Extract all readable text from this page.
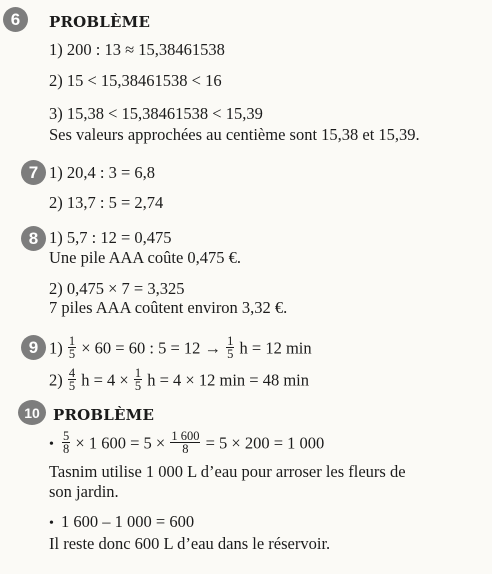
6 PROBLÈME
1) 200 : 13 ≈ 15,38461538
2) 15 < 15,38461538 < 16
3) 15,38 < 15,38461538 < 15,39
Ses valeurs approchées au centième sont 15,38 et 15,39.
7 1) 20,4 : 3 = 6,8
2) 13,7 : 5 = 2,74
8 1) 5,7 : 12 = 0,475
Une pile AAA coûte 0,475 €.
2) 0,475 × 7 = 3,325
7 piles AAA coûtent environ 3,32 €.
9 $1) \frac{1}{5} \times 60 = 60$ : $5 = 12 \to \frac{1}{5}$ h = 12 min
$2) \frac{4}{5}$ $h = 4 \times \frac{1}{5}$ h = 4 × 12 min = 48 min
10 PROBLÈME
• $\frac{5}{8} \times 1$ $600 = 5 \times \frac{1 600}{8} = 5 \times 200 = 1$ 000
Tasnim utilise 1 000 L d’eau pour arroser les fleurs de
son jardin.
• 1 600 – 1 000 = 600
Il reste donc 600 L d’eau dans le réservoir.
